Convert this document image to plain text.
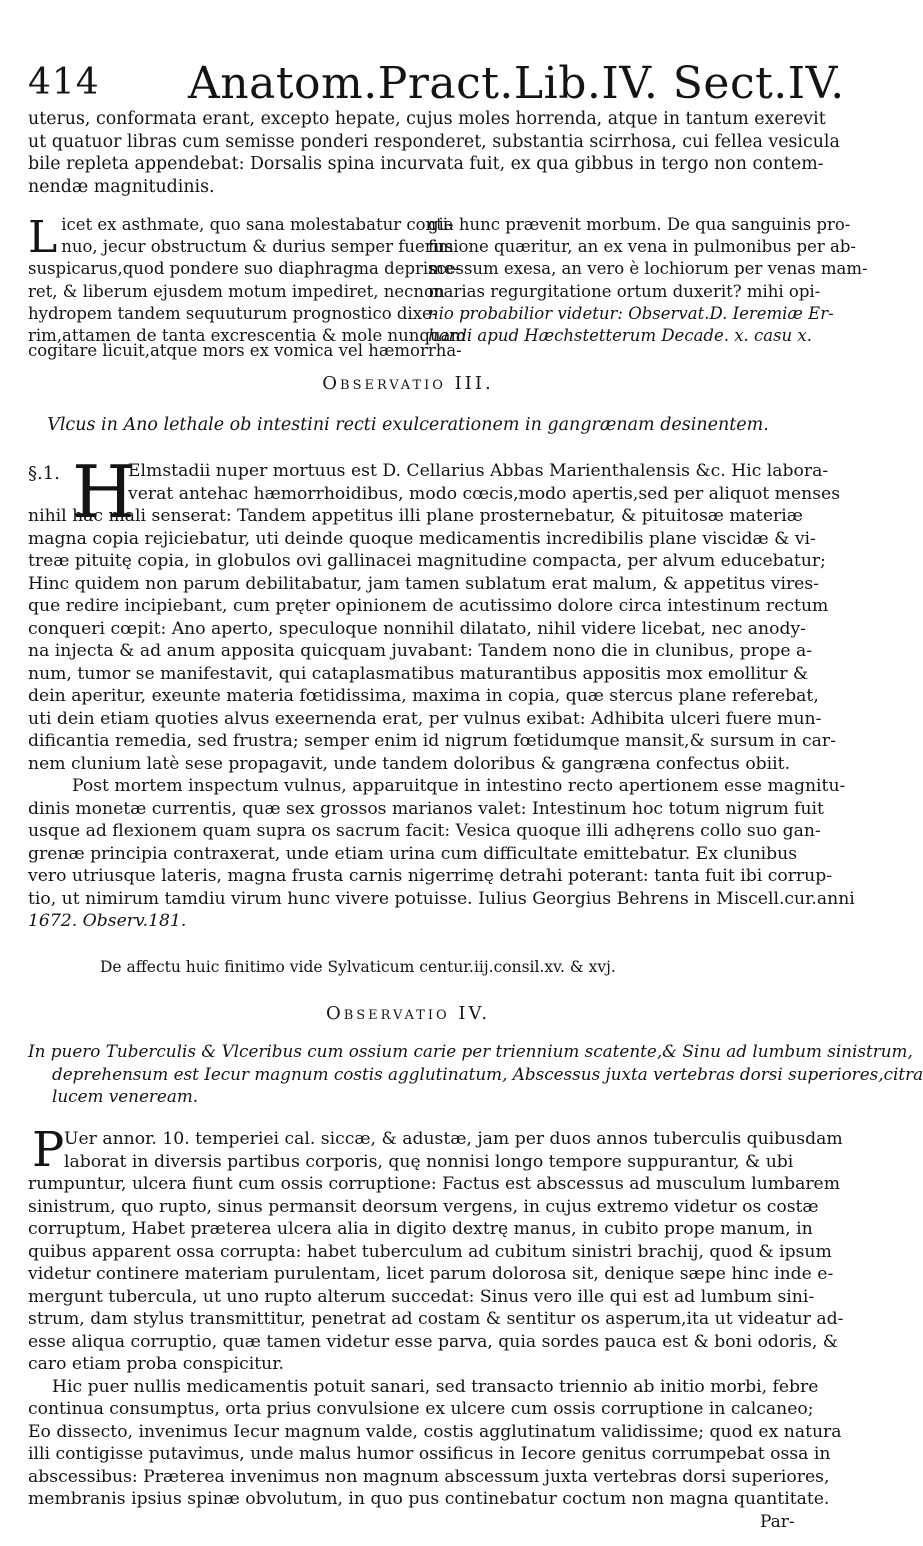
414 Anatom.Pract.Lib.IV. Sect.IV.
uterus, conformata erant, excepto hepate, cujus moles horrenda, atque in tantum exerevit
ut quatuor libras cum semisse ponderi responderet, substantia scirrhosa, cui fellea vesicula
bile repleta appendebat: Dorsalis spina incurvata fuit, ex qua gibbus in tergo non contem-
nendæ magnitudinis.
L icet ex asthmate, quo sana molestabatur conti-
nuo, jecur obstructum & durius semper fuerim
suspicarus,quod pondere suo diaphragma deprime-
ret, & liberum ejusdem motum impediret, necnon
hydropem tandem sequuturum prognostico dixe-
rim,attamen de tanta excrescentia & mole nunquam
gia hunc prævenit morbum. De qua sanguinis pro-
fusione quæritur, an ex vena in pulmonibus per ab-
scessum exesa, an vero è lochiorum per venas mam-
marias regurgitatione ortum duxerit? mihi opi-
nio probabilior videtur: Observat.D. Ieremiæ Er-
hardi apud Hæchstetterum Decade. x. casu x.
cogitare licuit,atque mors ex vomica vel hæmorrha-
Observatio III.
Vlcus in Ano lethale ob intestini recti exulcerationem in gangrænam desinentem.
§.1. H
Elmstadii nuper mortuus est D. Cellarius Abbas Marienthalensis &c. Hic labora-
verat antehac hæmorrhoidibus, modo cœcis,modo apertis,sed per aliquot menses
nihil hac mali senserat: Tandem appetitus illi plane prosternebatur, & pituitosæ materiæ
magna copia rejiciebatur, uti deinde quoque medicamentis incredibilis plane viscidæ & vi-
treæ pituitę copia, in globulos ovi gallinacei magnitudine compacta, per alvum educebatur;
Hinc quidem non parum debilitabatur, jam tamen sublatum erat malum, & appetitus vires-
que redire incipiebant, cum pręter opinionem de acutissimo dolore circa intestinum rectum
conqueri cœpit: Ano aperto, speculoque nonnihil dilatato, nihil videre licebat, nec anody-
na injecta & ad anum apposita quicquam juvabant: Tandem nono die in clunibus, prope a-
num, tumor se manifestavit, qui cataplasmatibus maturantibus appositis mox emollitur &
dein aperitur, exeunte materia fœtidissima, maxima in copia, quæ stercus plane referebat,
uti dein etiam quoties alvus exeernenda erat, per vulnus exibat: Adhibita ulceri fuere mun-
dificantia remedia, sed frustra; semper enim id nigrum fœtidumque mansit,& sursum in car-
nem clunium latè sese propagavit, unde tandem doloribus & gangræna confectus obiit.
Post mortem inspectum vulnus, apparuitque in intestino recto apertionem esse magnitu-
dinis monetæ currentis, quæ sex grossos marianos valet: Intestinum hoc totum nigrum fuit
usque ad flexionem quam supra os sacrum facit: Vesica quoque illi adhęrens collo suo gan-
grenæ principia contraxerat, unde etiam urina cum difficultate emittebatur. Ex clunibus
vero utriusque lateris, magna frusta carnis nigerrimę detrahi poterant: tanta fuit ibi corrup-
tio, ut nimirum tamdiu virum hunc vivere potuisse. Iulius Georgius Behrens in Miscell.cur.anni
1672. Observ.181.
De affectu huic finitimo vide Sylvaticum centur.iij.consil.xv. & xvj.
Observatio IV.
In puero Tuberculis & Vlceribus cum ossium carie per triennium scatente,& Sinu ad lumbum sinistrum,
deprehensum est Iecur magnum costis agglutinatum, Abscessus juxta vertebras dorsi superiores,citra
lucem veneream.
P Uer annor. 10. temperiei cal. siccæ, & adustæ, jam per duos annos tuberculis quibusdam
laborat in diversis partibus corporis, quę nonnisi longo tempore suppurantur, & ubi
rumpuntur, ulcera fiunt cum ossis corruptione: Factus est abscessus ad musculum lumbarem
sinistrum, quo rupto, sinus permansit deorsum vergens, in cujus extremo videtur os costæ
corruptum, Habet præterea ulcera alia in digito dextrę manus, in cubito prope manum, in
quibus apparent ossa corrupta: habet tuberculum ad cubitum sinistri brachij, quod & ipsum
videtur continere materiam purulentam, licet parum dolorosa sit, denique sæpe hinc inde e-
mergunt tubercula, ut uno rupto alterum succedat: Sinus vero ille qui est ad lumbum sini-
strum, dam stylus transmittitur, penetrat ad costam & sentitur os asperum,ita ut videatur ad-
esse aliqua corruptio, quæ tamen videtur esse parva, quia sordes pauca est & boni odoris, &
caro etiam proba conspicitur.
Hic puer nullis medicamentis potuit sanari, sed transacto triennio ab initio morbi, febre
continua consumptus, orta prius convulsione ex ulcere cum ossis corruptione in calcaneo;
Eo dissecto, invenimus Iecur magnum valde, costis agglutinatum validissime; quod ex natura
illi contigisse putavimus, unde malus humor ossificus in Iecore genitus corrumpebat ossa in
abscessibus: Præterea invenimus non magnum abscessum juxta vertebras dorsi superiores,
membranis ipsius spinæ obvolutum, in quo pus continebatur coctum non magna quantitate.
Par-
